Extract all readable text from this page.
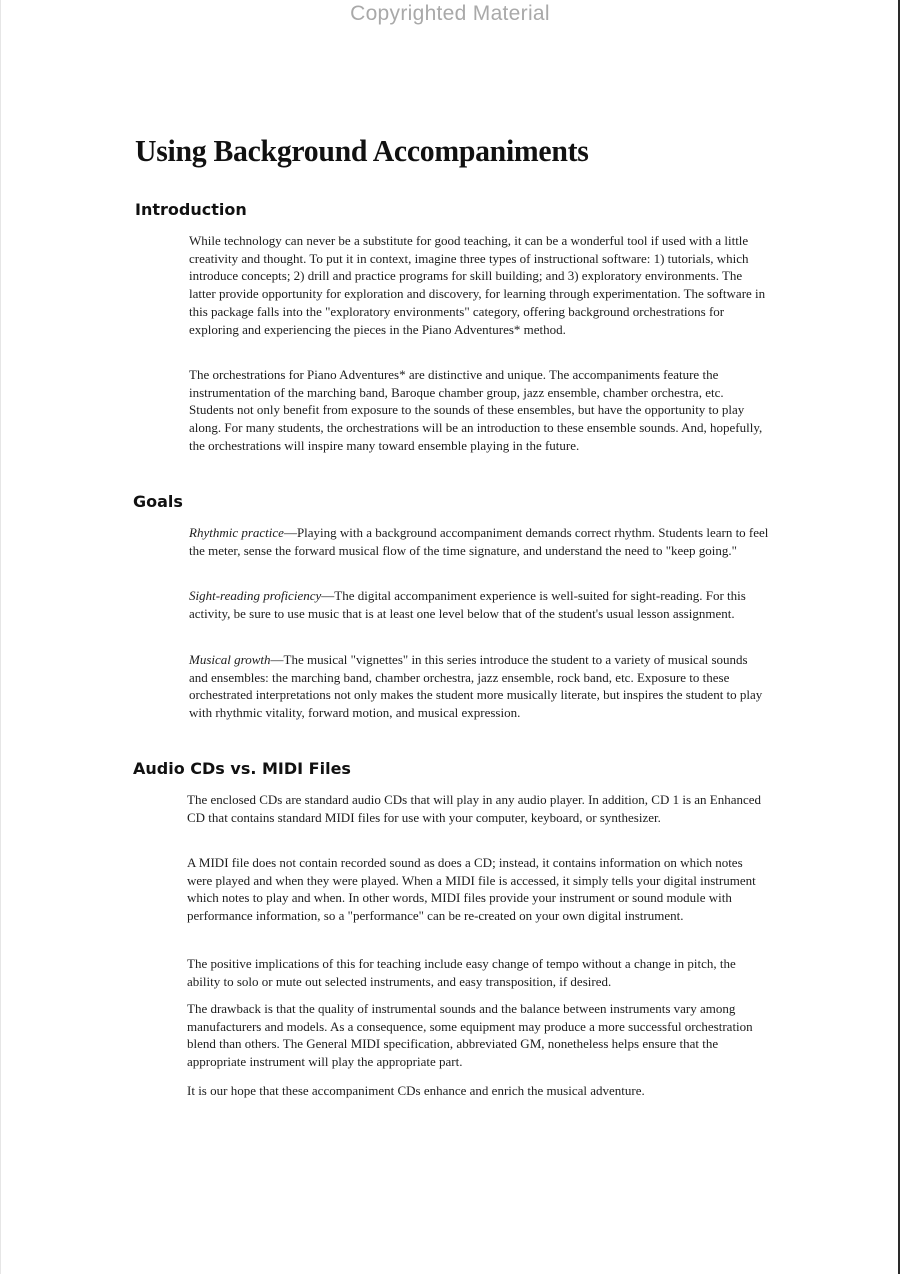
Copyrighted Material
Using Background Accompaniments
Introduction

While technology can never be a substitute for good teaching, it can be a wonderful tool if used with a little creativity and thought. To put it in context, imagine three types of instructional software: 1) tutorials, which introduce concepts; 2) drill and practice programs for skill building; and 3) exploratory environments. The latter provide opportunity for exploration and discovery, for learning through experimentation. The software in this package falls into the "exploratory environments" category, offering background orchestrations for exploring and experiencing the pieces in the Piano Adventures* method.

The orchestrations for Piano Adventures* are distinctive and unique. The accompaniments feature the instrumentation of the marching band, Baroque chamber group, jazz ensemble, chamber orchestra, etc. Students not only benefit from exposure to the sounds of these ensembles, but have the opportunity to play along. For many students, the orchestrations will be an introduction to these ensemble sounds. And, hopefully, the orchestrations will inspire many toward ensemble playing in the future.

Goals

Rhythmic practice—Playing with a background accompaniment demands correct rhythm. Students learn to feel the meter, sense the forward musical flow of the time signature, and understand the need to "keep going."

Sight-reading proficiency—The digital accompaniment experience is well-suited for sight-reading. For this activity, be sure to use music that is at least one level below that of the student's usual lesson assignment.

Musical growth—The musical "vignettes" in this series introduce the student to a variety of musical sounds and ensembles: the marching band, chamber orchestra, jazz ensemble, rock band, etc. Exposure to these orchestrated interpretations not only makes the student more musically literate, but inspires the student to play with rhythmic vitality, forward motion, and musical expression.

Audio CDs vs. MIDI Files

The enclosed CDs are standard audio CDs that will play in any audio player. In addition, CD 1 is an Enhanced CD that contains standard MIDI files for use with your computer, keyboard, or synthesizer.

A MIDI file does not contain recorded sound as does a CD; instead, it contains information on which notes were played and when they were played. When a MIDI file is accessed, it simply tells your digital instrument which notes to play and when. In other words, MIDI files provide your instrument or sound module with performance information, so a "performance" can be re-created on your own digital instrument.

The positive implications of this for teaching include easy change of tempo without a change in pitch, the ability to solo or mute out selected instruments, and easy transposition, if desired.

The drawback is that the quality of instrumental sounds and the balance between instruments vary among manufacturers and models. As a consequence, some equipment may produce a more successful orchestration blend than others. The General MIDI specification, abbreviated GM, nonetheless helps ensure that the appropriate instrument will play the appropriate part.

It is our hope that these accompaniment CDs enhance and enrich the musical adventure.
